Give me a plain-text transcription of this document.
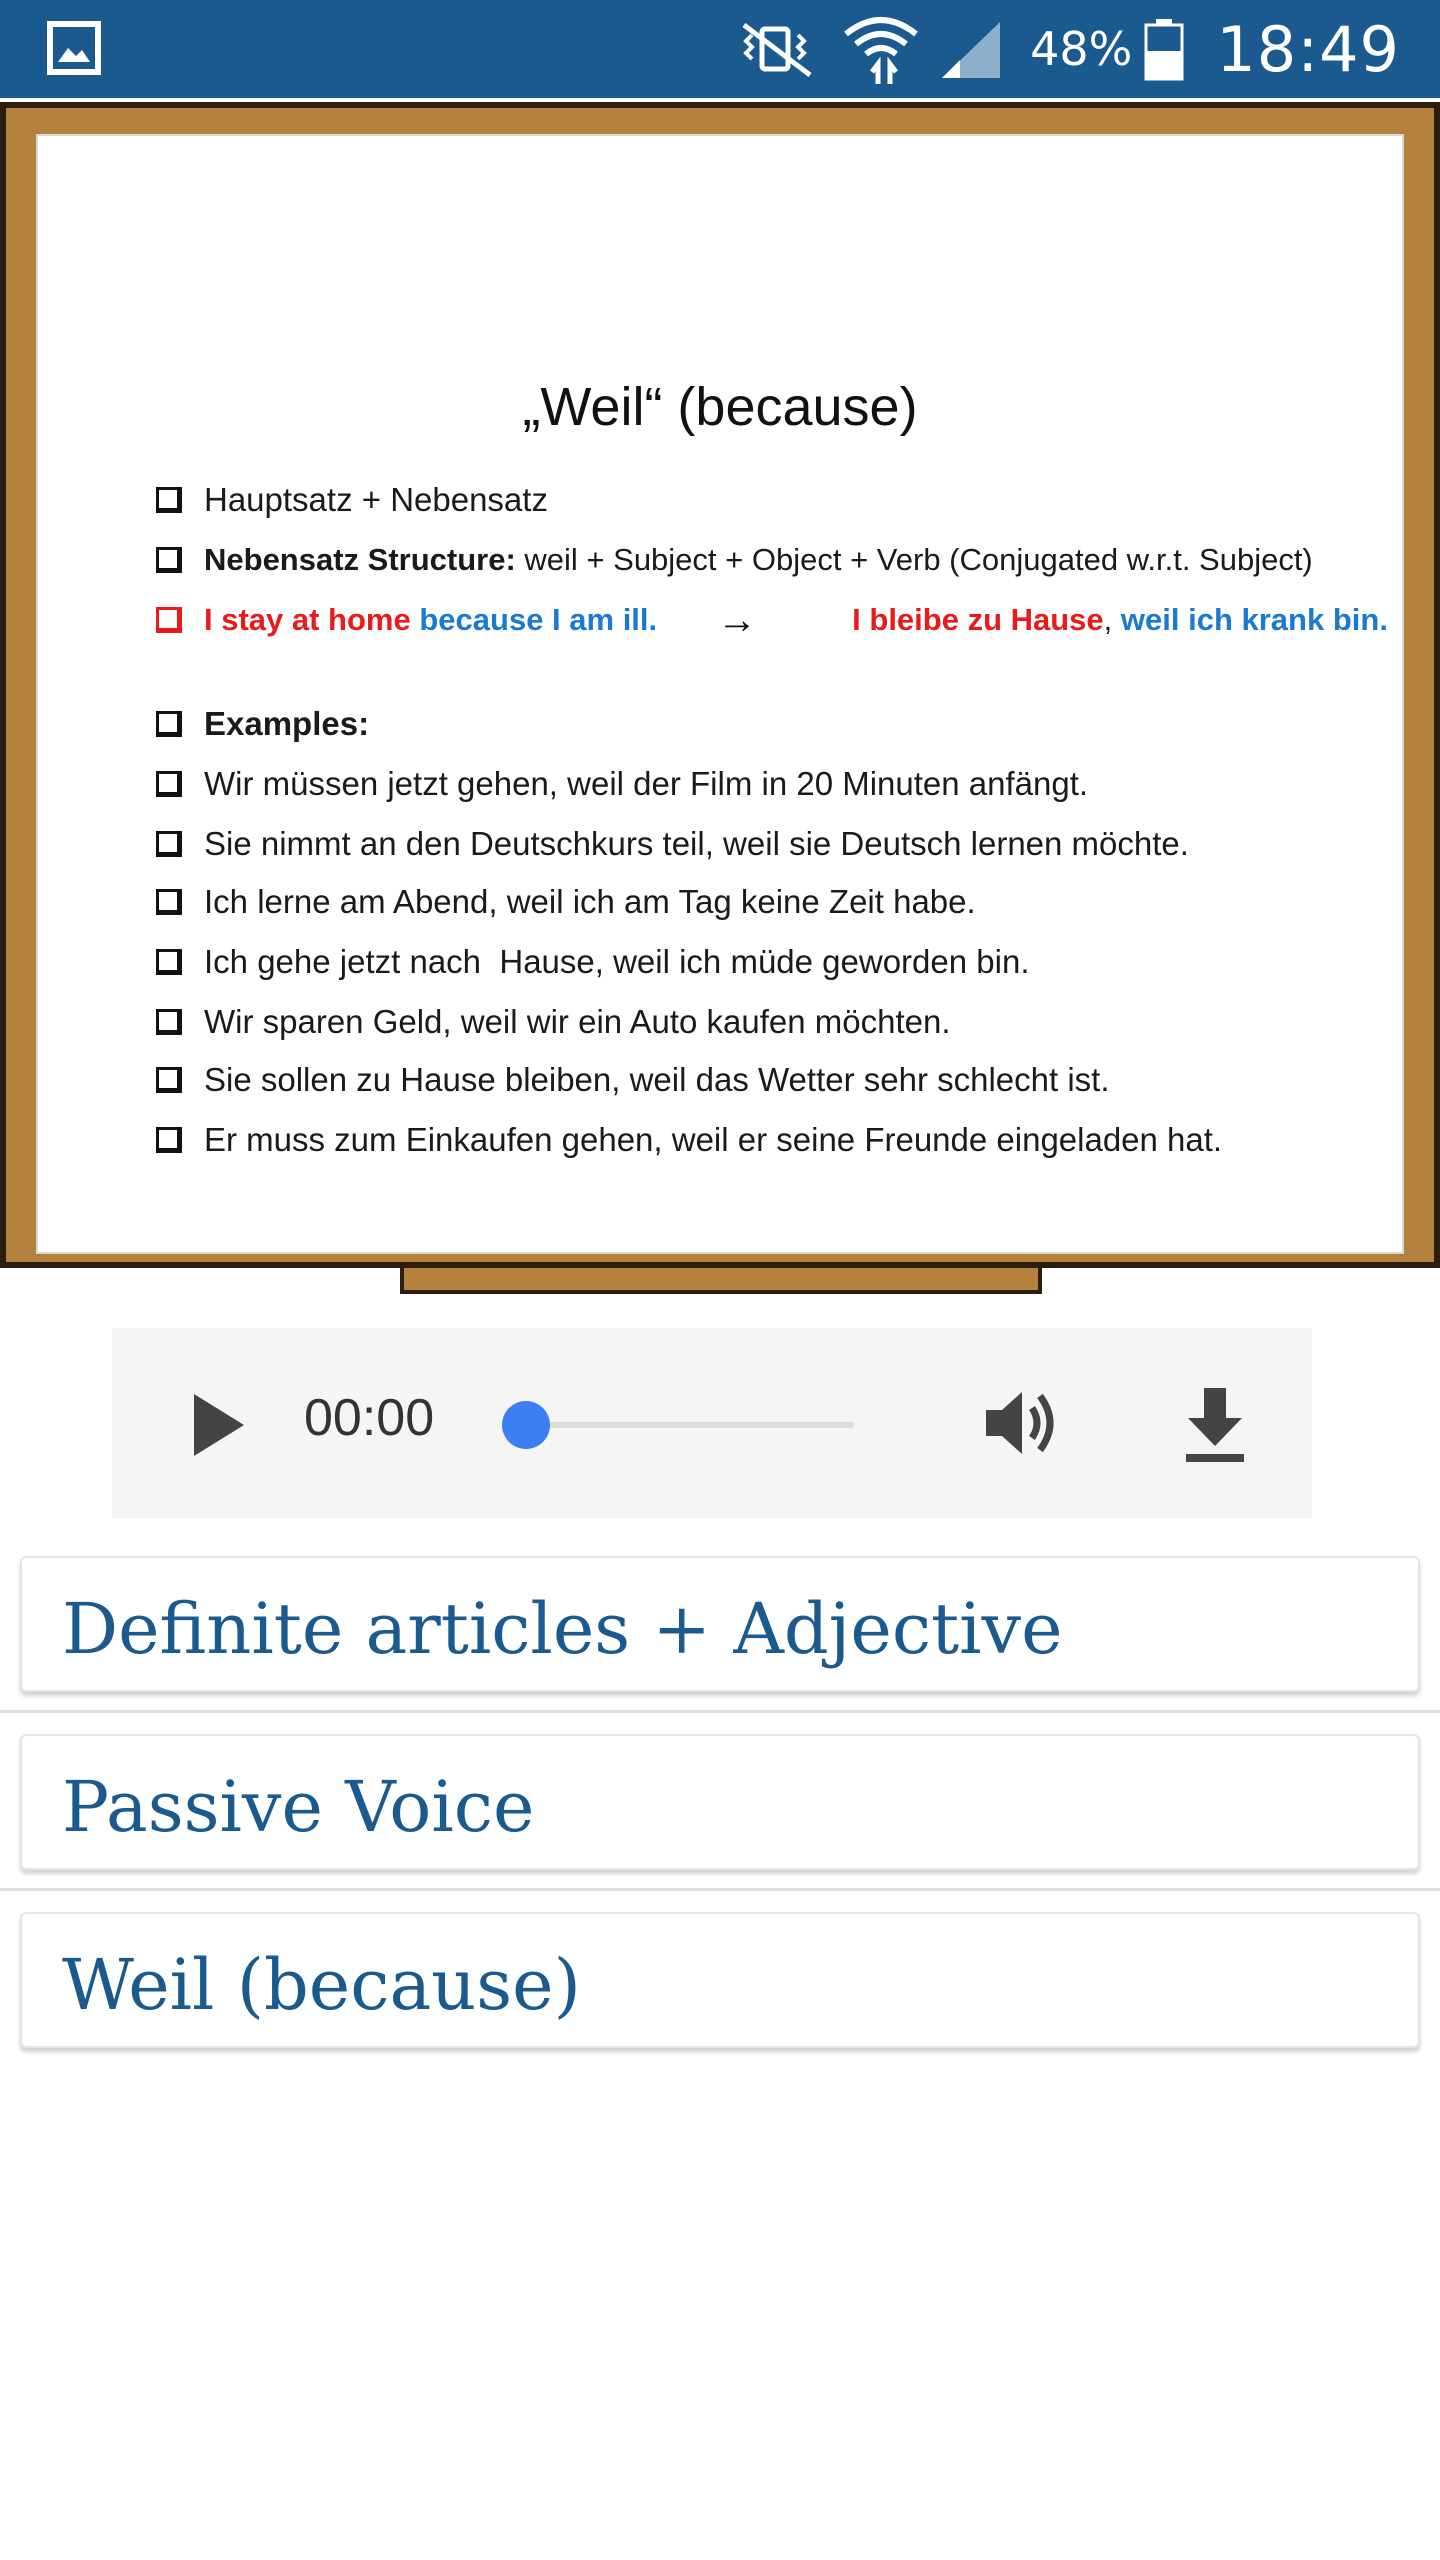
48% 18:49
„Weil“ (because)
Hauptsatz + Nebensatz
Nebensatz Structure: weil + Subject + Object + Verb (Conjugated w.r.t. Subject)
I stay at home because I am ill. →	I bleibe zu Hause , weil ich krank bin.
Examples:
Wir müssen jetzt gehen, weil der Film in 20 Minuten anfängt.
Sie nimmt an den Deutschkurs teil, weil sie Deutsch lernen möchte.
Ich lerne am Abend, weil ich am Tag keine Zeit habe.
Ich gehe jetzt nach  Hause, weil ich müde geworden bin.
Wir sparen Geld, weil wir ein Auto kaufen möchten.
Sie sollen zu Hause bleiben, weil das Wetter sehr schlecht ist.
Er muss zum Einkaufen gehen, weil er seine Freunde eingeladen hat.
00:00
Definite articles + Adjective
Passive Voice
Weil (because)
